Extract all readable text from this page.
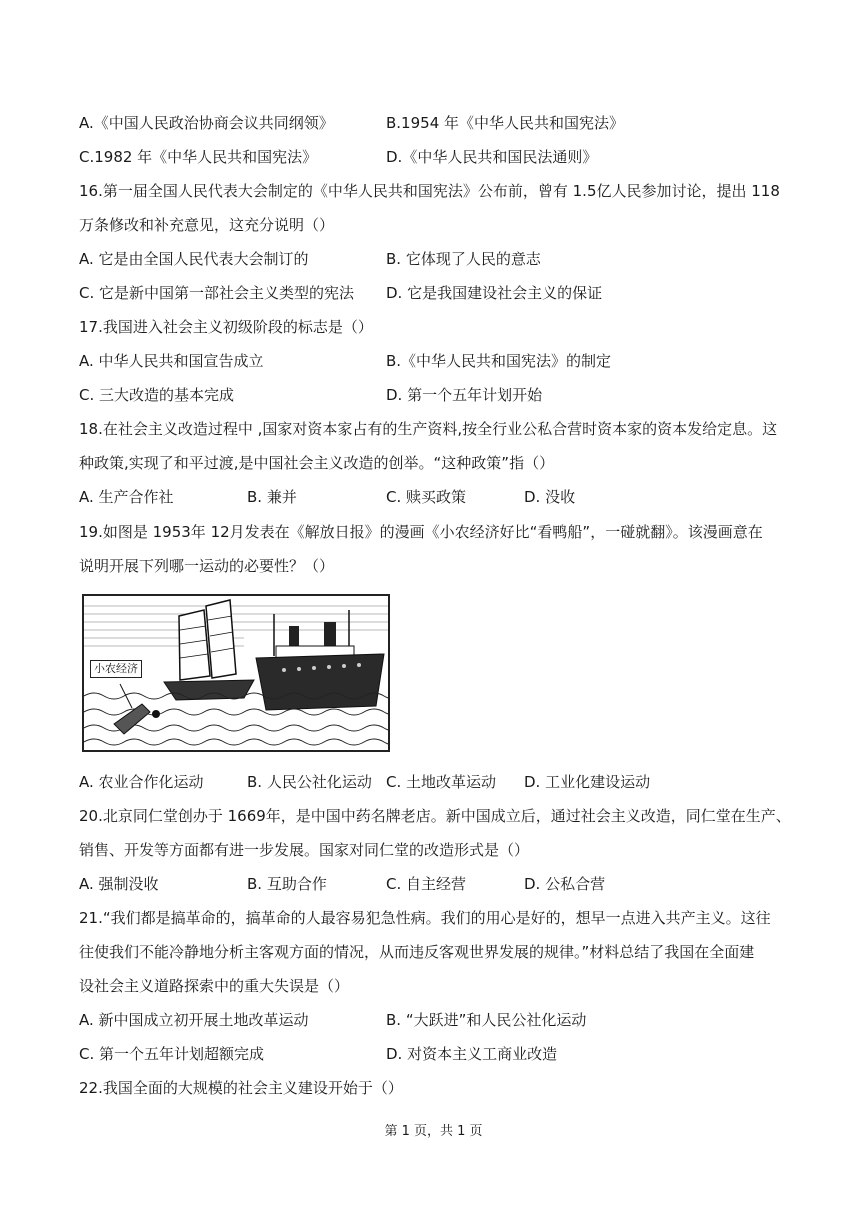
A.《中国人民政治协商会议共同纲领》	B.1954 年《中华人民共和国宪法》
C.1982 年《中华人民共和国宪法》	D.《中华人民共和国民法通则》
16.第一届全国人民代表大会制定的《中华人民共和国宪法》公布前，曾有 1.5亿人民参加讨论，提出 118
万条修改和补充意见，这充分说明（）
A. 它是由全国人民代表大会制订的	B. 它体现了人民的意志
C. 它是新中国第一部社会主义类型的宪法 D. 它是我国建设社会主义的保证
17.我国进入社会主义初级阶段的标志是（）
A. 中华人民共和国宣告成立	B.《中华人民共和国宪法》的制定
C. 三大改造的基本完成	D. 第一个五年计划开始
18.在社会主义改造过程中 ,国家对资本家占有的生产资料,按全行业公私合营时资本家的资本发给定息。这
种政策,实现了和平过渡,是中国社会主义改造的创举。“这种政策”指（）
A. 生产合作社	B. 兼并	C. 赎买政策	D. 没收
19.如图是 1953年 12月发表在《解放日报》的漫画《小农经济好比“看鸭船”，一碰就翻》。该漫画意在
说明开展下列哪一运动的必要性？（）
小农经济
A. 农业合作化运动	B. 人民公社化运动 C. 土地改革运动 D. 工业化建设运动
20.北京同仁堂创办于 1669年，是中国中药名牌老店。新中国成立后，通过社会主义改造，同仁堂在生产、
销售、开发等方面都有进一步发展。国家对同仁堂的改造形式是（）
A. 强制没收	B. 互助合作	C. 自主经营	D. 公私合营
21.“我们都是搞革命的，搞革命的人最容易犯急性病。我们的用心是好的，想早一点进入共产主义。这往
往使我们不能冷静地分析主客观方面的情况，从而违反客观世界发展的规律。”材料总结了我国在全面建
设社会主义道路探索中的重大失误是（）
A. 新中国成立初开展土地改革运动	B. “大跃进”和人民公社化运动
C. 第一个五年计划超额完成	D. 对资本主义工商业改造
22.我国全面的大规模的社会主义建设开始于（）
第 1 页，共 1 页
